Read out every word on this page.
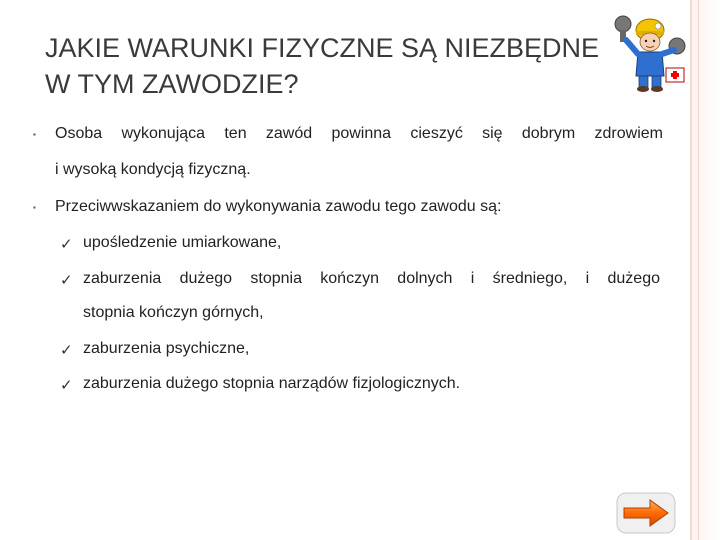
JAKIE WARUNKI FIZYCZNE SĄ NIEZBĘDNE
W TYM ZAWODZIE?
▪ Osoba wykonująca ten zawód powinna cieszyć się dobrym zdrowiem
i wysoką kondycją fizyczną.
▪ Przeciwwskazaniem do wykonywania zawodu tego zawodu są:
✓ upośledzenie umiarkowane,
✓ zaburzenia dużego stopnia kończyn dolnych i średniego, i dużego
stopnia kończyn górnych,
✓ zaburzenia psychiczne,
✓ zaburzenia dużego stopnia narządów fizjologicznych.
